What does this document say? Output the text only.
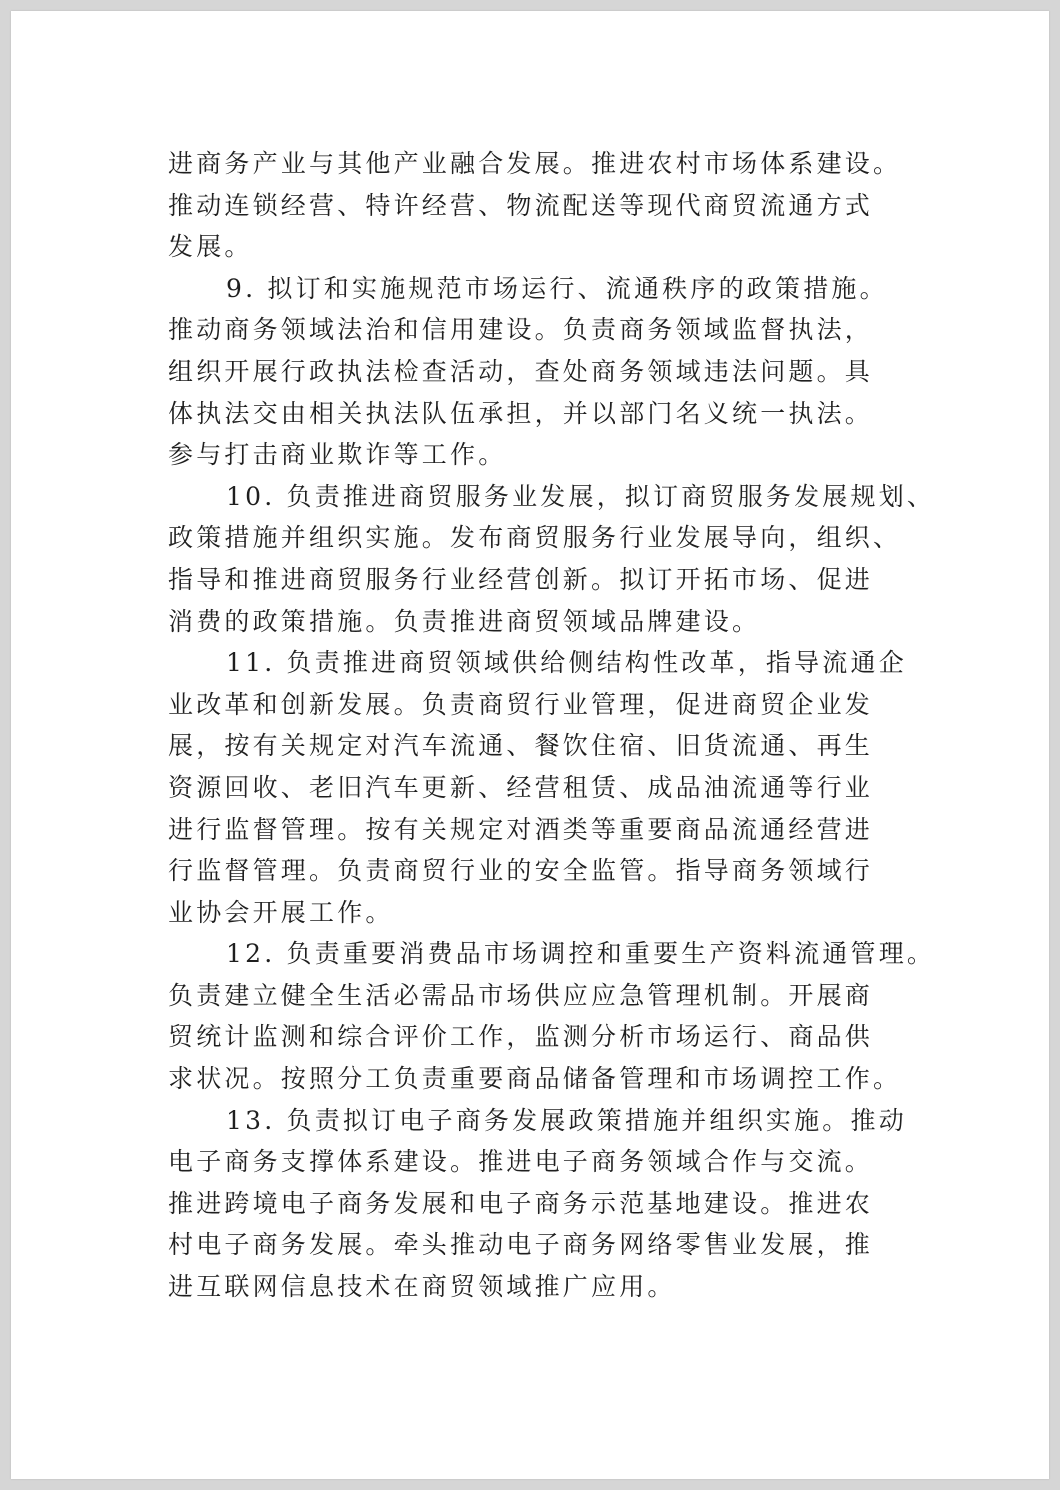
进商务产业与其他产业融合发展。推进农村市场体系建设。
推动连锁经营、特许经营、物流配送等现代商贸流通方式
发展。
9. 拟订和实施规范市场运行、流通秩序的政策措施。
推动商务领域法治和信用建设。负责商务领域监督执法，
组织开展行政执法检查活动，查处商务领域违法问题。具
体执法交由相关执法队伍承担，并以部门名义统一执法。
参与打击商业欺诈等工作。
10. 负责推进商贸服务业发展，拟订商贸服务发展规划、
政策措施并组织实施。发布商贸服务行业发展导向，组织、
指导和推进商贸服务行业经营创新。拟订开拓市场、促进
消费的政策措施。负责推进商贸领域品牌建设。
11. 负责推进商贸领域供给侧结构性改革，指导流通企
业改革和创新发展。负责商贸行业管理，促进商贸企业发
展，按有关规定对汽车流通、餐饮住宿、旧货流通、再生
资源回收、老旧汽车更新、经营租赁、成品油流通等行业
进行监督管理。按有关规定对酒类等重要商品流通经营进
行监督管理。负责商贸行业的安全监管。指导商务领域行
业协会开展工作。
12. 负责重要消费品市场调控和重要生产资料流通管理。
负责建立健全生活必需品市场供应应急管理机制。开展商
贸统计监测和综合评价工作，监测分析市场运行、商品供
求状况。按照分工负责重要商品储备管理和市场调控工作。
13. 负责拟订电子商务发展政策措施并组织实施。推动
电子商务支撑体系建设。推进电子商务领域合作与交流。
推进跨境电子商务发展和电子商务示范基地建设。推进农
村电子商务发展。牵头推动电子商务网络零售业发展，推
进互联网信息技术在商贸领域推广应用。
